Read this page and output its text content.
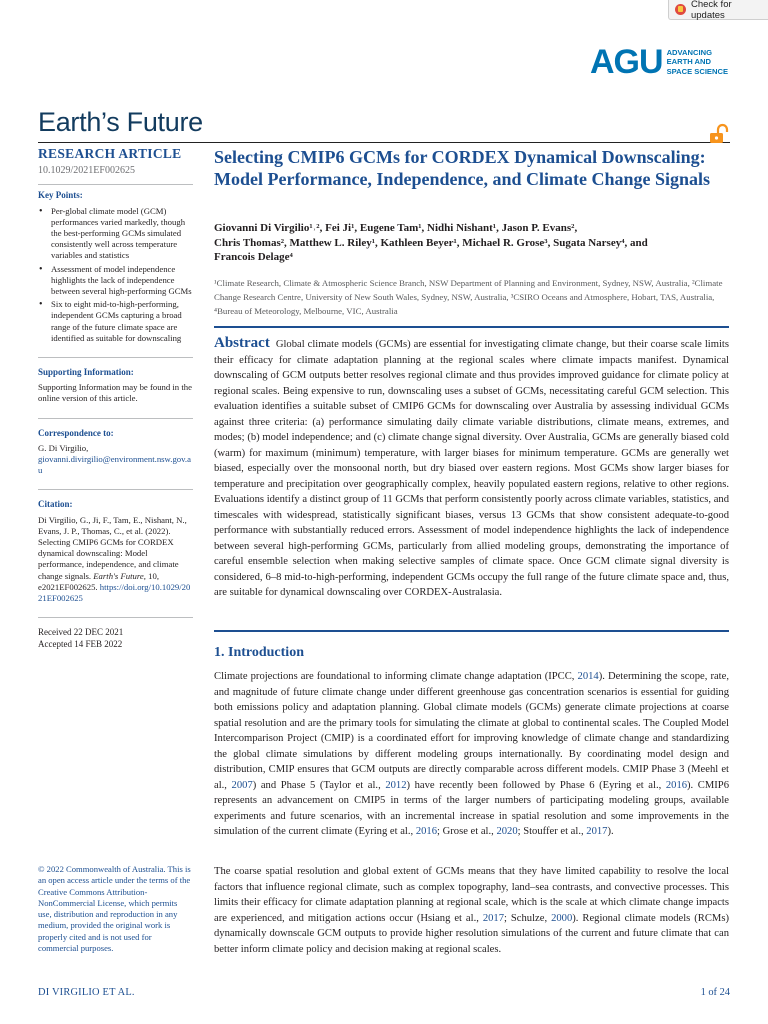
Check for updates
AGU ADVANCING
EARTH AND
SPACE SCIENCE
Earth’s Future
RESEARCH ARTICLE
10.1029/2021EF002625
Key Points:
• Per-global climate model (GCM) performances varied markedly, though the best-performing GCMs simulated consistently well across temperature variables and statistics
• Assessment of model independence highlights the lack of independence between several high-performing GCMs
• Six to eight mid-to-high-performing, independent GCMs capturing a broad range of the future climate space are identified as suitable for downscaling
Supporting Information:
Supporting Information may be found in the online version of this article.
Correspondence to:
G. Di Virgilio,
giovanni.divirgilio@environment.nsw.gov.au
Citation:
Di Virgilio, G., Ji, F., Tam, E., Nishant, N., Evans, J. P., Thomas, C., et al. (2022). Selecting CMIP6 GCMs for CORDEX dynamical downscaling: Model performance, independence, and climate change signals. Earth's Future, 10, e2021EF002625. https://doi.org/10.1029/2021EF002625
Received 22 DEC 2021
Accepted 14 FEB 2022
© 2022 Commonwealth of Australia. This is an open access article under the terms of the Creative Commons Attribution-NonCommercial License, which permits use, distribution and reproduction in any medium, provided the original work is properly cited and is not used for commercial purposes.
Selecting CMIP6 GCMs for CORDEX Dynamical Downscaling: Model Performance, Independence, and Climate Change Signals
Giovanni Di Virgilio¹˒², Fei Ji¹, Eugene Tam¹, Nidhi Nishant¹, Jason P. Evans²,
Chris Thomas², Matthew L. Riley¹, Kathleen Beyer¹, Michael R. Grose³, Sugata Narsey⁴, and
Francois Delage⁴
¹Climate Research, Climate & Atmospheric Science Branch, NSW Department of Planning and Environment, Sydney, NSW, Australia, ²Climate Change Research Centre, University of New South Wales, Sydney, NSW, Australia, ³CSIRO Oceans and Atmosphere, Hobart, TAS, Australia, ⁴Bureau of Meteorology, Melbourne, VIC, Australia
Abstract Global climate models (GCMs) are essential for investigating climate change, but their coarse scale limits their efficacy for climate adaptation planning at the regional scales where climate impacts manifest. Dynamical downscaling of GCM outputs better resolves regional climate and thus provides improved guidance for climate policy at regional scales. Being expensive to run, downscaling uses a subset of GCMs, necessitating careful GCM selection. This evaluation identifies a suitable subset of CMIP6 GCMs for downscaling over Australia by assessing individual GCMs against three criteria: (a) performance simulating daily climate variable distributions, climate means, extremes, and modes; (b) model independence; and (c) climate change signal diversity. Over Australia, GCMs are generally biased cold (warm) for maximum (minimum) temperature, with larger biases for minimum temperature. GCMs are generally wet biased, especially over the monsoonal north, but dry biased over eastern regions. Most GCMs show larger biases for temperature and precipitation over geographically complex, heavily populated eastern regions, relative to other regions. Evaluations identify a distinct group of 11 GCMs that perform consistently poorly across climate variables, statistics, and timescales with widespread, statistically significant biases, versus 13 GCMs that show consistent adequate-to-good performance with substantially reduced errors. Assessment of model independence highlights the lack of independence between several high-performing GCMs, particularly from allied modeling groups, demonstrating the importance of careful ensemble selection when making selective samples of climate space. Once GCM climate signal diversity is considered, 6–8 mid-to-high-performing, independent GCMs occupy the full range of the future climate space and, thus, are suitable for dynamical downscaling over CORDEX-Australasia.
1. Introduction
Climate projections are foundational to informing climate change adaptation (IPCC, 2014). Determining the scope, rate, and magnitude of future climate change under different greenhouse gas concentration scenarios is essential for guiding both emissions policy and adaptation planning. Global climate models (GCMs) generate climate projections at coarse spatial resolution and are the primary tools for simulating the climate at global to continental scales. The Coupled Model Intercomparison Project (CMIP) is a coordinated effort for improving knowledge of climate change and standardizing the global climate simulations by different modeling groups internationally. By coordinating model design and distribution, CMIP ensures that GCM outputs are directly comparable across different models. CMIP Phase 3 (Meehl et al., 2007) and Phase 5 (Taylor et al., 2012) have recently been followed by Phase 6 (Eyring et al., 2016). CMIP6 represents an advancement on CMIP5 in terms of the larger numbers of participating modeling groups, available experiments and future scenarios, with an incremental increase in spatial resolution and some improvements in the simulation of the current climate (Eyring et al., 2016; Grose et al., 2020; Stouffer et al., 2017).
The coarse spatial resolution and global extent of GCMs means that they have limited capability to resolve the local factors that influence regional climate, such as complex topography, land–sea contrasts, and convective processes. This limits their efficacy for climate adaptation planning at regional scale, which is the scale at which climate change impacts are experienced, and mitigation actions occur (Hsiang et al., 2017; Schulze, 2000). Regional climate models (RCMs) dynamically downscale GCM outputs to provide higher resolution simulations of the current and future climate that can better inform climate policy and decision making at regional scales.
DI VIRGILIO ET AL.	1 of 24
